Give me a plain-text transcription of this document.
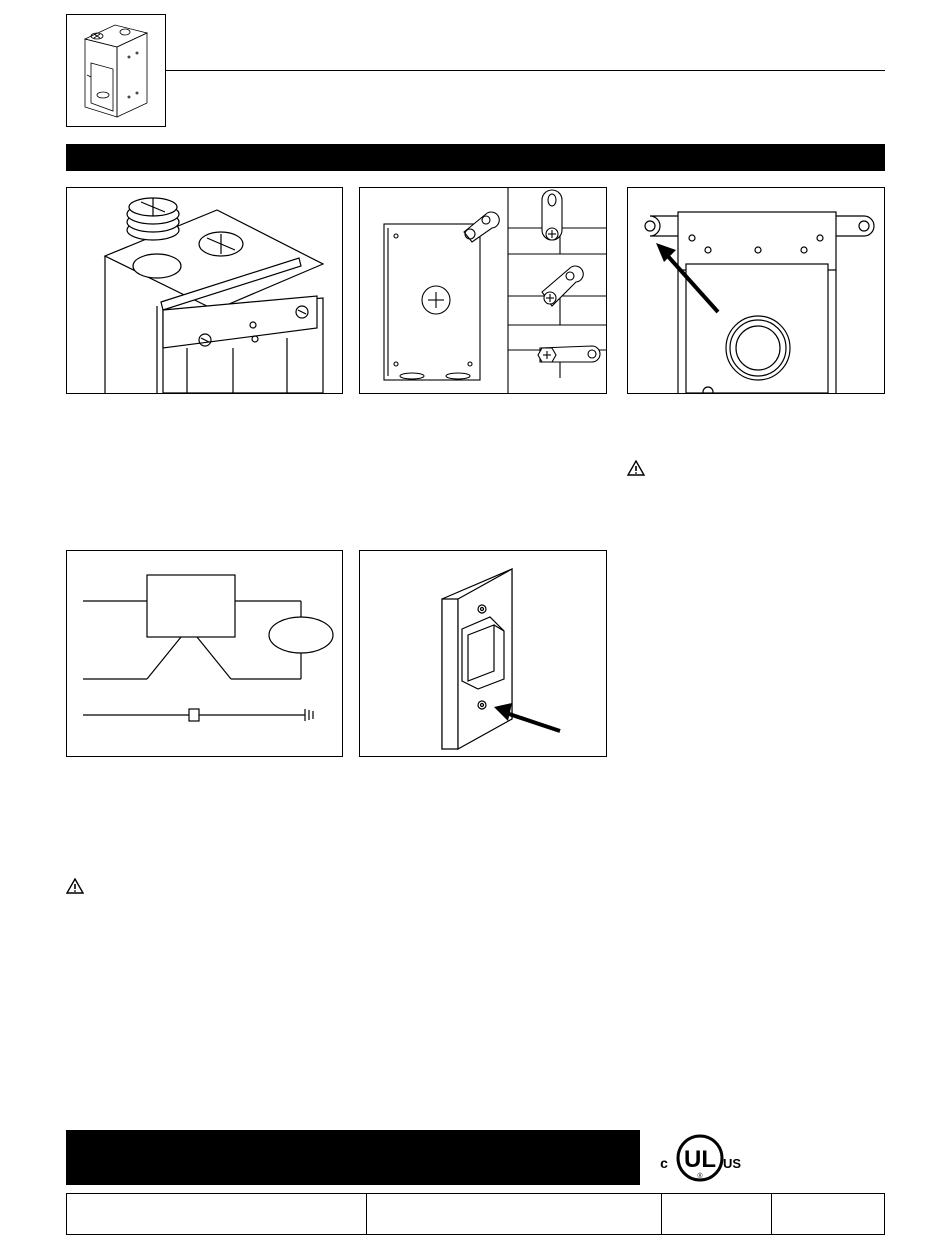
UL
®
c	US
